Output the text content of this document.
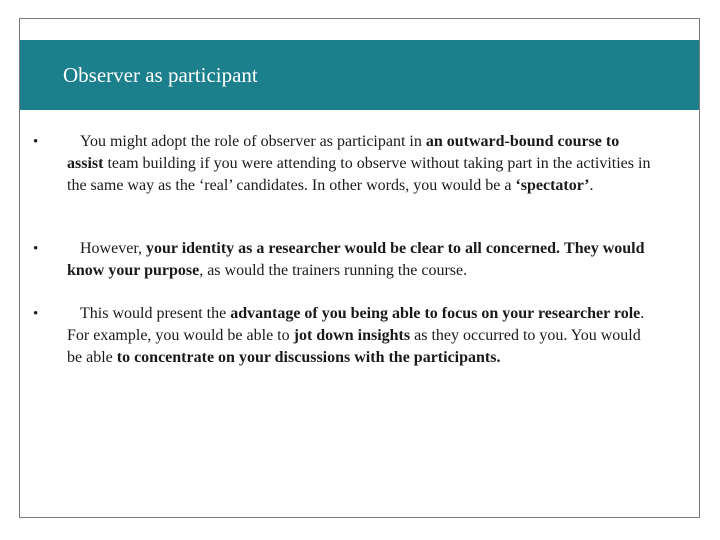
Observer as participant
•	You might adopt the role of observer as participant in an outward-bound course to assist team building if you were attending to observe without taking part in the activities in the same way as the ‘real’ candidates. In other words, you would be a ‘spectator’.

•	However, your identity as a researcher would be clear to all concerned. They would know your purpose, as would the trainers running the course.

•	This would present the advantage of you being able to focus on your researcher role. For example, you would be able to jot down insights as they occurred to you. You would be able to concentrate on your discussions with the participants.
